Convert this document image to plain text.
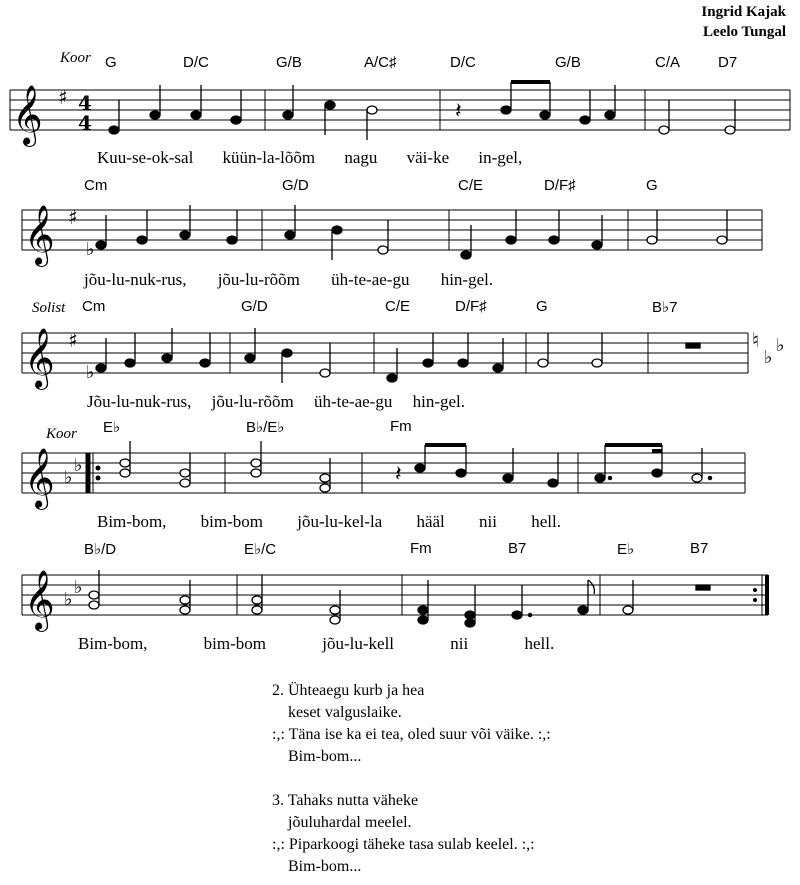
Ingrid Kajak
Leelo Tungal
Koor
Solist
Koor
G	D/C	G/B	A/C♯	D/C	G/B	C/A	D7
Cm	G/D	C/E	D/F♯	G
Cm	G/D	C/E	D/F♯	G	B♭7
E♭	B♭/E♭	Fm
B♭/D	E♭/C	Fm	B7	E♭	B7
𝄞 ♯ 4
4	𝄽
𝄞 ♯
♭
𝄞 ♯
♭
♮
♭
♭
𝄞 ♭
♭	𝄽
𝄞 ♭
♭
Kuu-se-ok-sal küün-la-lõõm nagu väi-ke in-gel,
jõu-lu-nuk-rus, jõu-lu-rõõm üh-te-ae-gu hin-gel.
Jõu-lu-nuk-rus, jõu-lu-rõõm üh-te-ae-gu hin-gel.
Bim-bom, bim-bom jõu-lu-kel-la hääl nii hell.
Bim-bom, bim-bom jõu-lu-kell nii hell.
2. Ühteaegu kurb ja hea
keset valguslaike.
:,: Täna ise ka ei tea, oled suur või väike. :,:
Bim-bom...
3. Tahaks nutta väheke
jõuluhardal meelel.
:,: Piparkoogi täheke tasa sulab keelel. :,:
Bim-bom...
